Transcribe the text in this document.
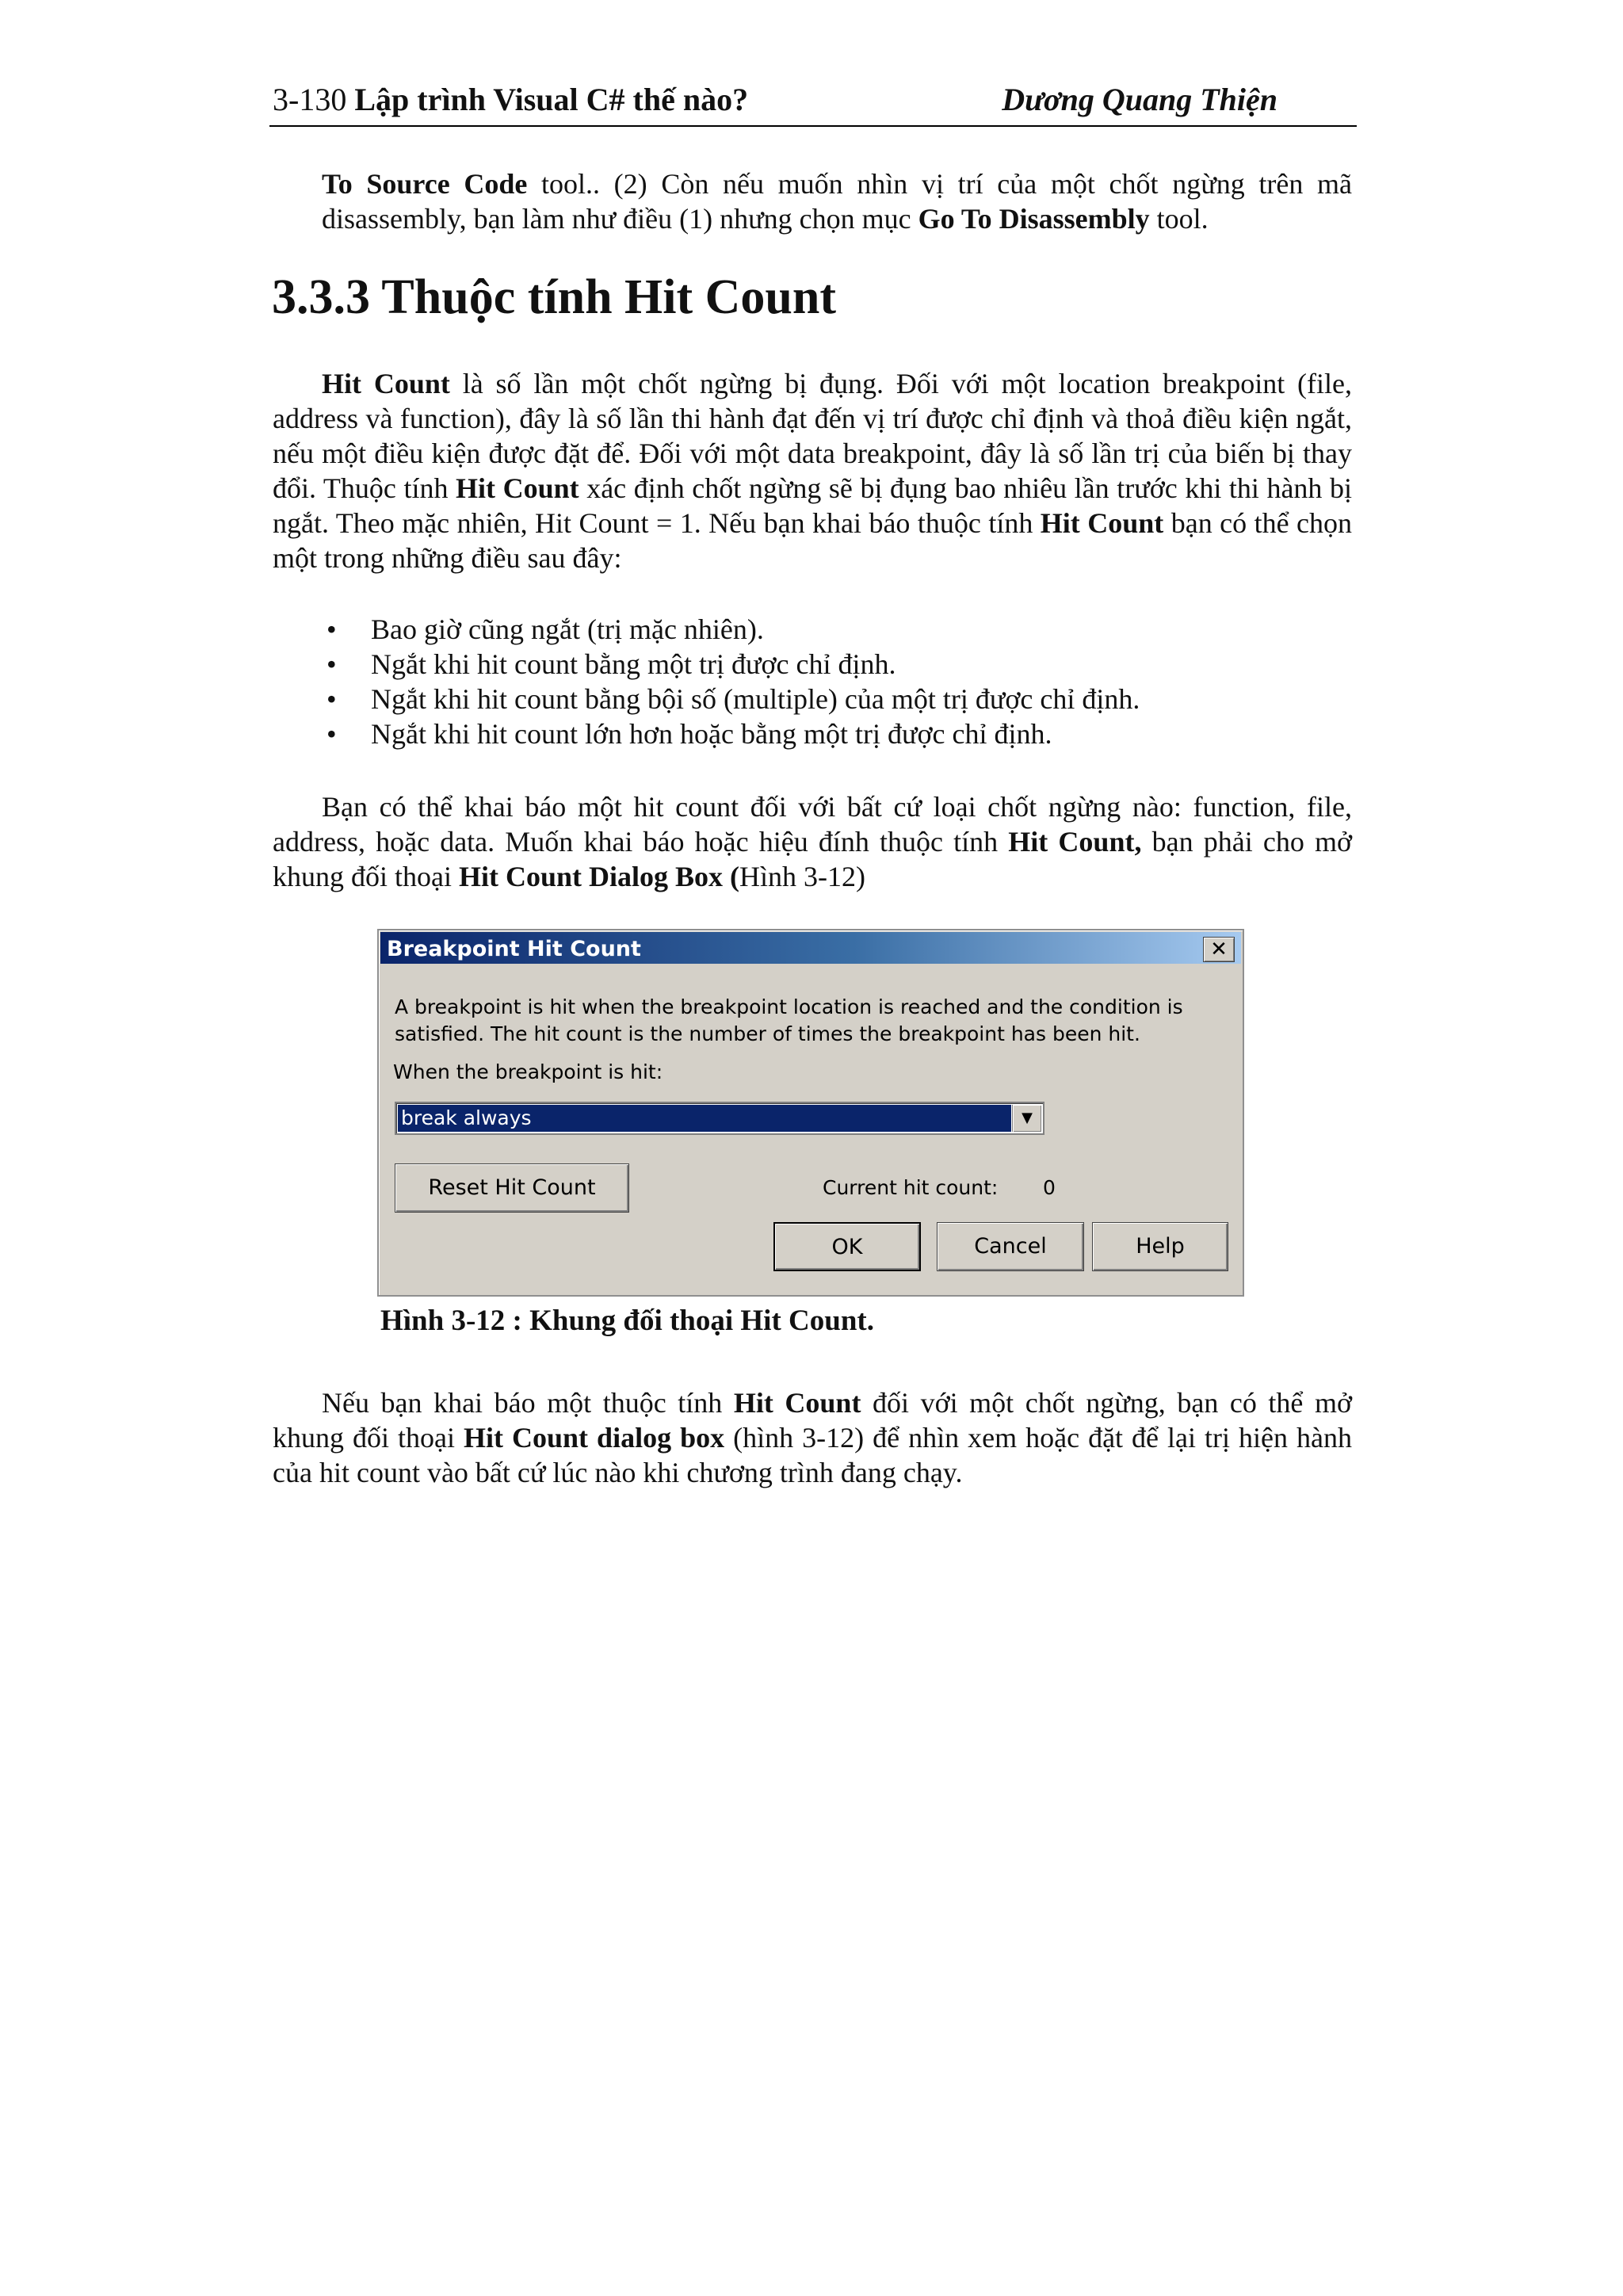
3-130 Lập trình Visual C# thế nào?	Dương Quang Thiện
To Source Code tool.. (2) Còn nếu muốn nhìn vị trí của một chốt ngừng trên mã disassembly, bạn làm như điều (1) nhưng chọn mục Go To Disassembly tool.
3.3.3 Thuộc tính Hit Count
Hit Count là số lần một chốt ngừng bị đụng. Đối với một location breakpoint (file, address và function), đây là số lần thi hành đạt đến vị trí được chỉ định và thoả điều kiện ngắt, nếu một điều kiện được đặt để. Đối với một data breakpoint, đây là số lần trị của biến bị thay đổi. Thuộc tính Hit Count xác định chốt ngừng sẽ bị đụng bao nhiêu lần trước khi thi hành bị ngắt. Theo mặc nhiên, Hit Count = 1. Nếu bạn khai báo thuộc tính Hit Count bạn có thể chọn một trong những điều sau đây:
• Bao giờ cũng ngắt (trị mặc nhiên).
• Ngắt khi hit count bằng một trị được chỉ định.
• Ngắt khi hit count bằng bội số (multiple) của một trị được chỉ định.
• Ngắt khi hit count lớn hơn hoặc bằng một trị được chỉ định.
Bạn có thể khai báo một hit count đối với bất cứ loại chốt ngừng nào: function, file, address, hoặc data. Muốn khai báo hoặc hiệu đính thuộc tính Hit Count, bạn phải cho mở khung đối thoại Hit Count Dialog Box (Hình 3-12)
Breakpoint Hit Count	✕
A breakpoint is hit when the breakpoint location is reached and the condition is satisfied. The hit count is the number of times the breakpoint has been hit.
When the breakpoint is hit:
break always	▼
Reset Hit Count	Current hit count: 0
OK	Cancel	Help
Hình 3-12 : Khung đối thoại Hit Count.
Nếu bạn khai báo một thuộc tính Hit Count đối với một chốt ngừng, bạn có thể mở khung đối thoại Hit Count dialog box (hình 3-12) để nhìn xem hoặc đặt để lại trị hiện hành của hit count vào bất cứ lúc nào khi chương trình đang chạy.
